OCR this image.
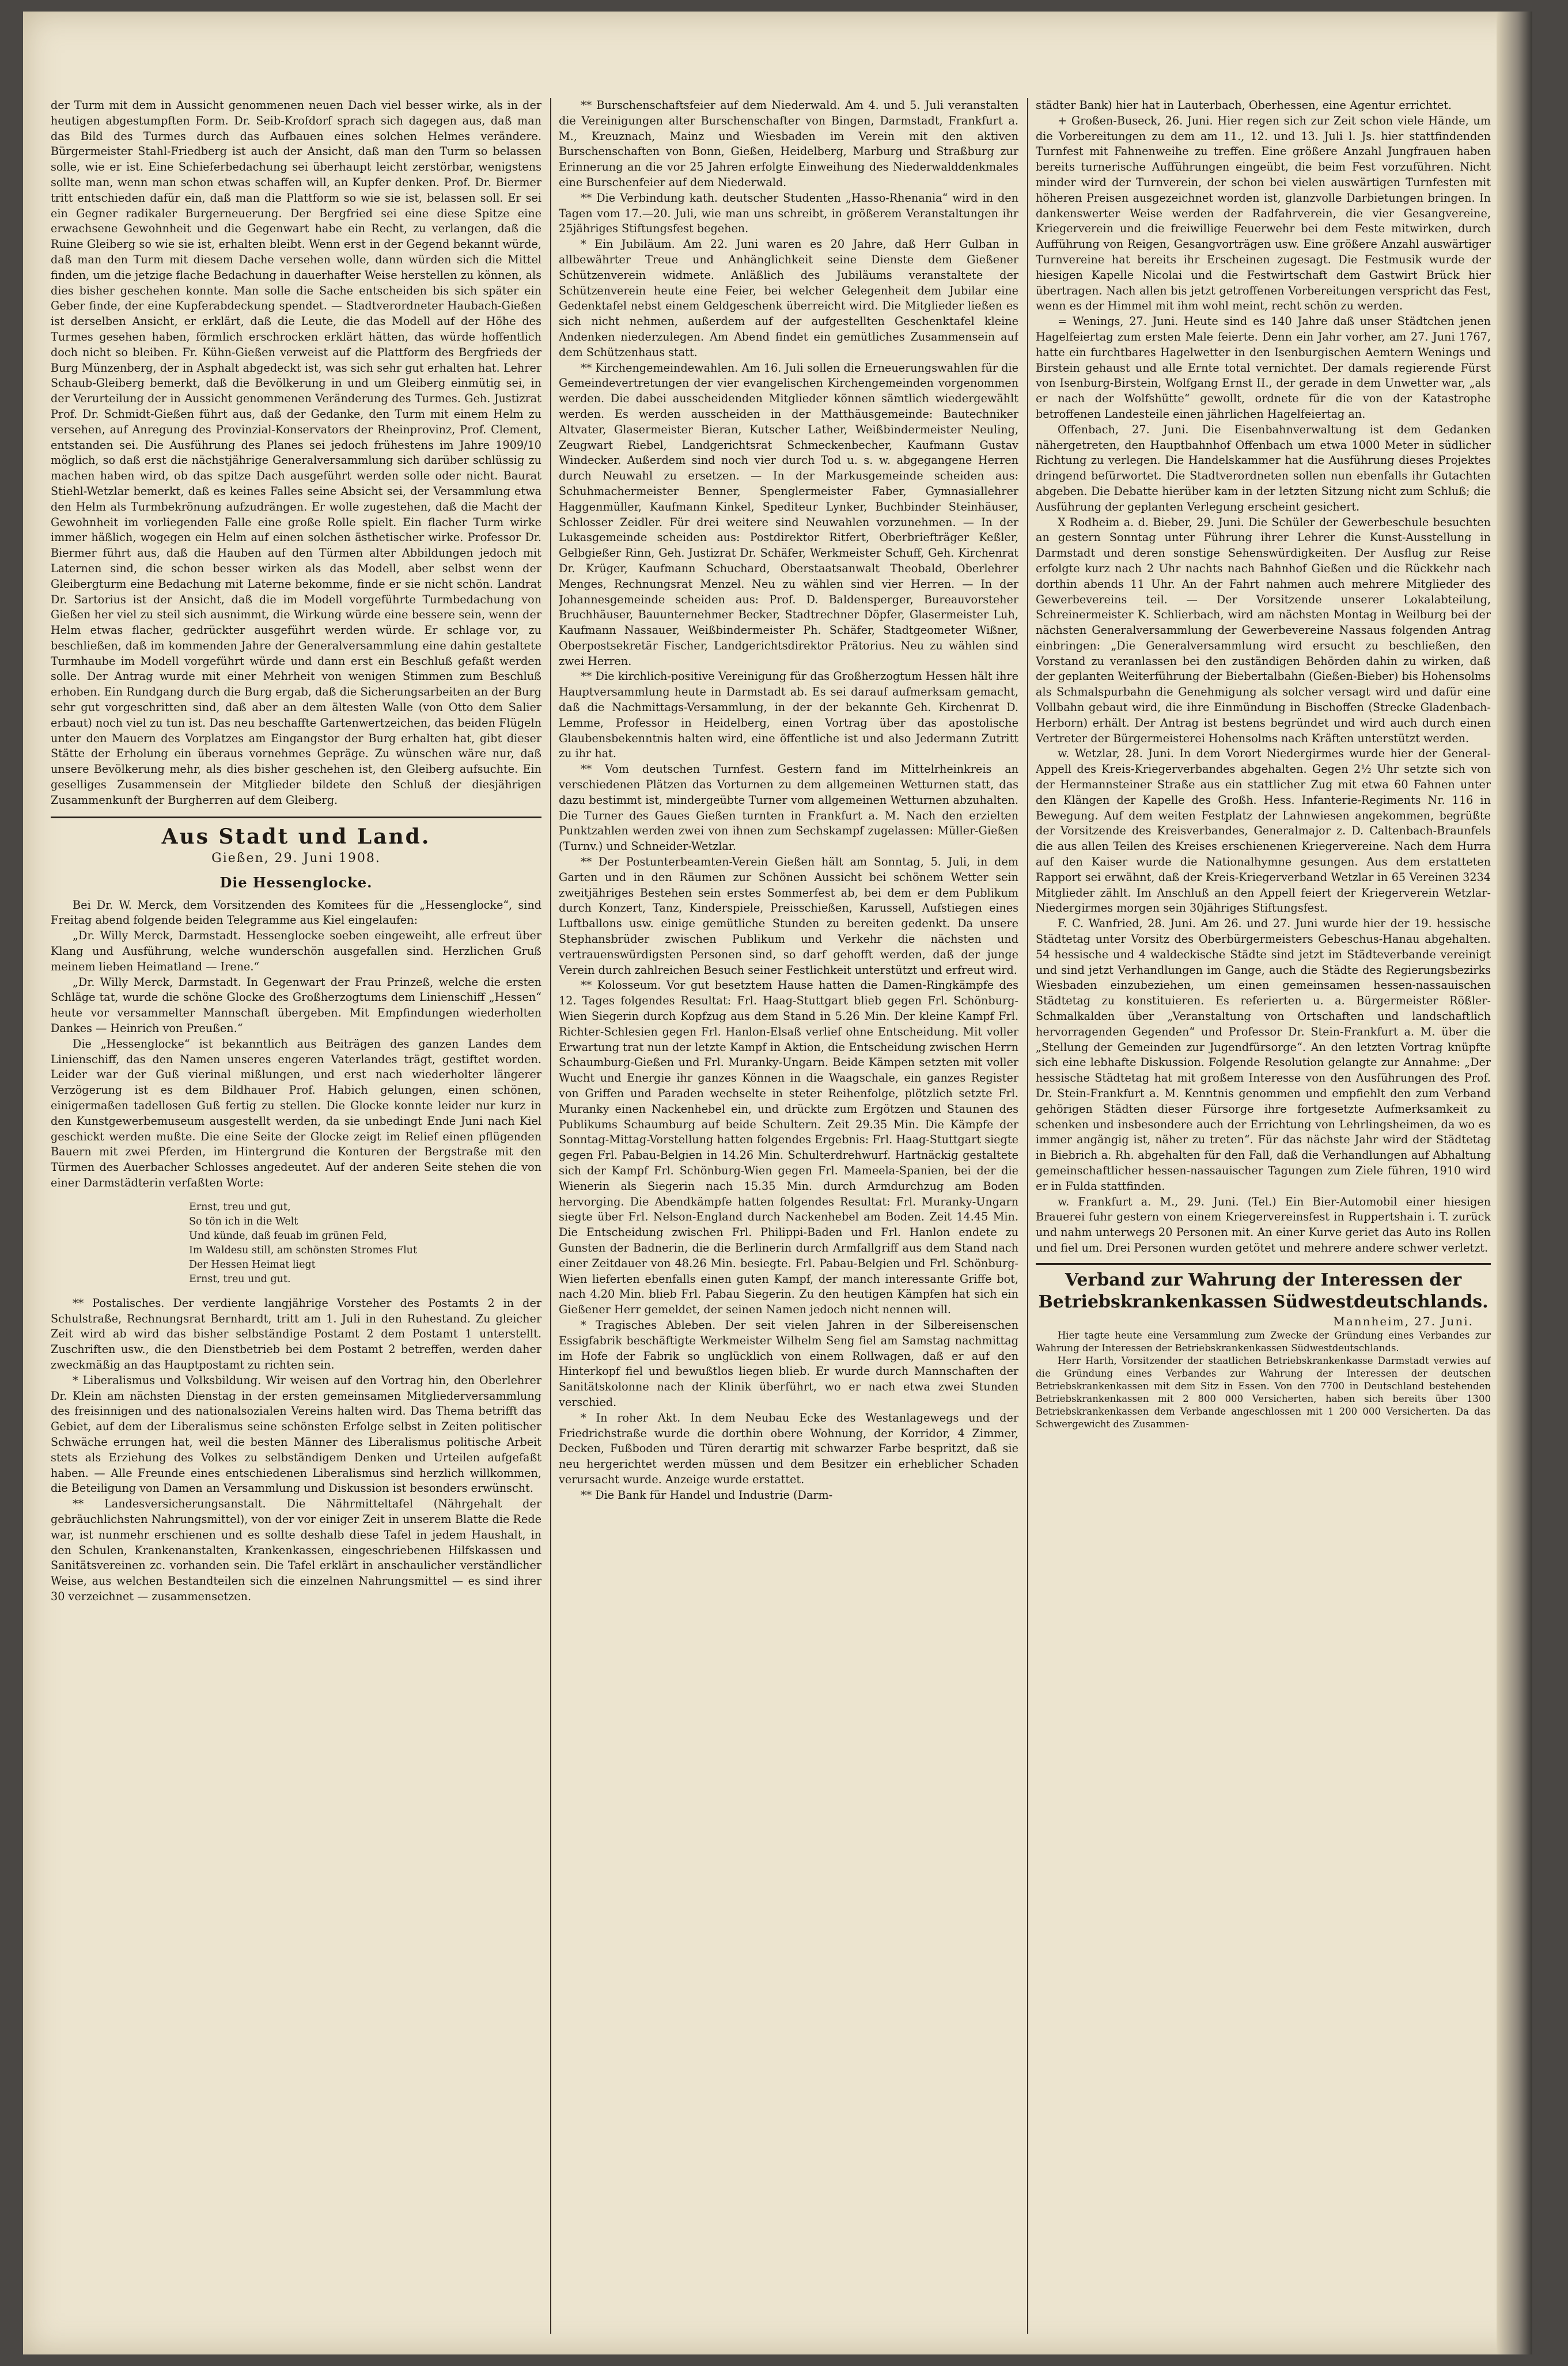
der Turm mit dem in Aussicht genommenen neuen Dach viel besser wirke, als in der heutigen abgestumpften Form. Dr. Seib-Krofdorf sprach sich dagegen aus, daß man das Bild des Turmes durch das Aufbauen eines solchen Helmes verändere. Bürgermeister Stahl-Friedberg ist auch der Ansicht, daß man den Turm so belassen solle, wie er ist. Eine Schieferbedachung sei überhaupt leicht zerstörbar, wenigstens sollte man, wenn man schon etwas schaffen will, an Kupfer denken. Prof. Dr. Biermer tritt entschieden dafür ein, daß man die Plattform so wie sie ist, belassen soll. Er sei ein Gegner radikaler Burgerneuerung. Der Bergfried sei eine diese Spitze eine erwachsene Gewohnheit und die Gegenwart habe ein Recht, zu verlangen, daß die Ruine Gleiberg so wie sie ist, erhalten bleibt. Wenn erst in der Gegend bekannt würde, daß man den Turm mit diesem Dache versehen wolle, dann würden sich die Mittel finden, um die jetzige flache Bedachung in dauerhafter Weise herstellen zu können, als dies bisher geschehen konnte. Man solle die Sache entscheiden bis sich später ein Geber finde, der eine Kupferabdeckung spendet. — Stadtverordneter Haubach-Gießen ist derselben Ansicht, er erklärt, daß die Leute, die das Modell auf der Höhe des Turmes gesehen haben, förmlich erschrocken erklärt hätten, das würde hoffentlich doch nicht so bleiben. Fr. Kühn-Gießen verweist auf die Plattform des Bergfrieds der Burg Münzenberg, der in Asphalt abgedeckt ist, was sich sehr gut erhalten hat. Lehrer Schaub-Gleiberg bemerkt, daß die Bevölkerung in und um Gleiberg einmütig sei, in der Verurteilung der in Aussicht genommenen Veränderung des Turmes. Geh. Justizrat Prof. Dr. Schmidt-Gießen führt aus, daß der Gedanke, den Turm mit einem Helm zu versehen, auf Anregung des Provinzial-Konservators der Rheinprovinz, Prof. Clement, entstanden sei. Die Ausführung des Planes sei jedoch frühestens im Jahre 1909/10 möglich, so daß erst die nächstjährige Generalversammlung sich darüber schlüssig zu machen haben wird, ob das spitze Dach ausgeführt werden solle oder nicht. Baurat Stiehl-Wetzlar bemerkt, daß es keines Falles seine Absicht sei, der Versammlung etwa den Helm als Turmbekrönung aufzudrängen. Er wolle zugestehen, daß die Macht der Gewohnheit im vorliegenden Falle eine große Rolle spielt. Ein flacher Turm wirke immer häßlich, wogegen ein Helm auf einen solchen ästhetischer wirke. Professor Dr. Biermer führt aus, daß die Hauben auf den Türmen alter Abbildungen jedoch mit Laternen sind, die schon besser wirken als das Modell, aber selbst wenn der Gleibergturm eine Bedachung mit Laterne bekomme, finde er sie nicht schön. Landrat Dr. Sartorius ist der Ansicht, daß die im Modell vorgeführte Turmbedachung von Gießen her viel zu steil sich ausnimmt, die Wirkung würde eine bessere sein, wenn der Helm etwas flacher, gedrückter ausgeführt werden würde. Er schlage vor, zu beschließen, daß im kommenden Jahre der Generalversammlung eine dahin gestaltete Turmhaube im Modell vorgeführt würde und dann erst ein Beschluß gefaßt werden solle. Der Antrag wurde mit einer Mehrheit von wenigen Stimmen zum Beschluß erhoben. Ein Rundgang durch die Burg ergab, daß die Sicherungsarbeiten an der Burg sehr gut vorgeschritten sind, daß aber an dem ältesten Walle (von Otto dem Salier erbaut) noch viel zu tun ist. Das neu beschaffte Gartenwertzeichen, das beiden Flügeln unter den Mauern des Vorplatzes am Eingangstor der Burg erhalten hat, gibt dieser Stätte der Erholung ein überaus vornehmes Gepräge. Zu wünschen wäre nur, daß unsere Bevölkerung mehr, als dies bisher geschehen ist, den Gleiberg aufsuchte. Ein geselliges Zusammensein der Mitglieder bildete den Schluß der diesjährigen Zusammenkunft der Burgherren auf dem Gleiberg.

Aus Stadt und Land.
Gießen, 29. Juni 1908.
Die Hessenglocke.

Bei Dr. W. Merck, dem Vorsitzenden des Komitees für die „Hessenglocke“, sind Freitag abend folgende beiden Telegramme aus Kiel eingelaufen:

„Dr. Willy Merck, Darmstadt. Hessenglocke soeben eingeweiht, alle erfreut über Klang und Ausführung, welche wunderschön ausgefallen sind. Herzlichen Gruß meinem lieben Heimatland — Irene.“

„Dr. Willy Merck, Darmstadt. In Gegenwart der Frau Prinzeß, welche die ersten Schläge tat, wurde die schöne Glocke des Großherzogtums dem Linienschiff „Hessen“ heute vor versammelter Mannschaft übergeben. Mit Empfindungen wiederholten Dankes — Heinrich von Preußen.“

Die „Hessenglocke“ ist bekanntlich aus Beiträgen des ganzen Landes dem Linienschiff, das den Namen unseres engeren Vaterlandes trägt, gestiftet worden. Leider war der Guß vierinal mißlungen, und erst nach wiederholter längerer Verzögerung ist es dem Bildhauer Prof. Habich gelungen, einen schönen, einigermaßen tadellosen Guß fertig zu stellen. Die Glocke konnte leider nur kurz in den Kunstgewerbemuseum ausgestellt werden, da sie unbedingt Ende Juni nach Kiel geschickt werden mußte. Die eine Seite der Glocke zeigt im Relief einen pflügenden Bauern mit zwei Pferden, im Hintergrund die Konturen der Bergstraße mit den Türmen des Auerbacher Schlosses angedeutet. Auf der anderen Seite stehen die von einer Darmstädterin verfaßten Worte:

Ernst, treu und gut,
So tön ich in die Welt
Und künde, daß feuab im grünen Feld,
Im Waldesu still, am schönsten Stromes Flut
Der Hessen Heimat liegt
Ernst, treu und gut.

** Postalisches. Der verdiente langjährige Vorsteher des Postamts 2 in der Schulstraße, Rechnungsrat Bernhardt, tritt am 1. Juli in den Ruhestand. Zu gleicher Zeit wird ab wird das bisher selbständige Postamt 2 dem Postamt 1 unterstellt. Zuschriften usw., die den Dienstbetrieb bei dem Postamt 2 betreffen, werden daher zweckmäßig an das Hauptpostamt zu richten sein.

* Liberalismus und Volksbildung. Wir weisen auf den Vortrag hin, den Oberlehrer Dr. Klein am nächsten Dienstag in der ersten gemeinsamen Mitgliederversammlung des freisinnigen und des nationalsozialen Vereins halten wird. Das Thema betrifft das Gebiet, auf dem der Liberalismus seine schönsten Erfolge selbst in Zeiten politischer Schwäche errungen hat, weil die besten Männer des Liberalismus politische Arbeit stets als Erziehung des Volkes zu selbständigem Denken und Urteilen aufgefaßt haben. — Alle Freunde eines entschiedenen Liberalismus sind herzlich willkommen, die Beteiligung von Damen an Versammlung und Diskussion ist besonders erwünscht.

** Landesversicherungsanstalt. Die Nährmitteltafel (Nährgehalt der gebräuchlichsten Nahrungsmittel), von der vor einiger Zeit in unserem Blatte die Rede war, ist nunmehr erschienen und es sollte deshalb diese Tafel in jedem Haushalt, in den Schulen, Krankenanstalten, Krankenkassen, eingeschriebenen Hilfskassen und Sanitätsvereinen zc. vorhanden sein. Die Tafel erklärt in anschaulicher verständlicher Weise, aus welchen Bestandteilen sich die einzelnen Nahrungsmittel — es sind ihrer 30 verzeichnet — zusammensetzen.

** Burschenschaftsfeier auf dem Niederwald. Am 4. und 5. Juli veranstalten die Vereinigungen alter Burschenschafter von Bingen, Darmstadt, Frankfurt a. M., Kreuznach, Mainz und Wiesbaden im Verein mit den aktiven Burschenschaften von Bonn, Gießen, Heidelberg, Marburg und Straßburg zur Erinnerung an die vor 25 Jahren erfolgte Einweihung des Niederwalddenkmales eine Burschenfeier auf dem Niederwald.

** Die Verbindung kath. deutscher Studenten „Hasso-Rhenania“ wird in den Tagen vom 17.—20. Juli, wie man uns schreibt, in größerem Veranstaltungen ihr 25jähriges Stiftungsfest begehen.

* Ein Jubiläum. Am 22. Juni waren es 20 Jahre, daß Herr Gulban in allbewährter Treue und Anhänglichkeit seine Dienste dem Gießener Schützenverein widmete. Anläßlich des Jubiläums veranstaltete der Schützenverein heute eine Feier, bei welcher Gelegenheit dem Jubilar eine Gedenktafel nebst einem Geldgeschenk überreicht wird. Die Mitglieder ließen es sich nicht nehmen, außerdem auf der aufgestellten Geschenktafel kleine Andenken niederzulegen. Am Abend findet ein gemütliches Zusammensein auf dem Schützenhaus statt.

** Kirchengemeindewahlen. Am 16. Juli sollen die Erneuerungswahlen für die Gemeindevertretungen der vier evangelischen Kirchengemeinden vorgenommen werden. Die dabei ausscheidenden Mitglieder können sämtlich wiedergewählt werden. Es werden ausscheiden in der Matthäusgemeinde: Bautechniker Altvater, Glasermeister Bieran, Kutscher Lather, Weißbindermeister Neuling, Zeugwart Riebel, Landgerichtsrat Schmeckenbecher, Kaufmann Gustav Windecker. Außerdem sind noch vier durch Tod u. s. w. abgegangene Herren durch Neuwahl zu ersetzen. — In der Markusgemeinde scheiden aus: Schuhmachermeister Benner, Spenglermeister Faber, Gymnasiallehrer Haggenmüller, Kaufmann Kinkel, Spediteur Lynker, Buchbinder Steinhäuser, Schlosser Zeidler. Für drei weitere sind Neuwahlen vorzunehmen. — In der Lukasgemeinde scheiden aus: Postdirektor Ritfert, Oberbriefträger Keßler, Gelbgießer Rinn, Geh. Justizrat Dr. Schäfer, Werkmeister Schuff, Geh. Kirchenrat Dr. Krüger, Kaufmann Schuchard, Oberstaatsanwalt Theobald, Oberlehrer Menges, Rechnungsrat Menzel. Neu zu wählen sind vier Herren. — In der Johannesgemeinde scheiden aus: Prof. D. Baldensperger, Bureauvorsteher Bruchhäuser, Bauunternehmer Becker, Stadtrechner Döpfer, Glasermeister Luh, Kaufmann Nassauer, Weißbindermeister Ph. Schäfer, Stadtgeometer Wißner, Oberpostsekretär Fischer, Landgerichtsdirektor Prätorius. Neu zu wählen sind zwei Herren.

** Die kirchlich-positive Vereinigung für das Großherzogtum Hessen hält ihre Hauptversammlung heute in Darmstadt ab. Es sei darauf aufmerksam gemacht, daß die Nachmittags-Versammlung, in der der bekannte Geh. Kirchenrat D. Lemme, Professor in Heidelberg, einen Vortrag über das apostolische Glaubensbekenntnis halten wird, eine öffentliche ist und also Jedermann Zutritt zu ihr hat.

** Vom deutschen Turnfest. Gestern fand im Mittelrheinkreis an verschiedenen Plätzen das Vorturnen zu dem allgemeinen Wetturnen statt, das dazu bestimmt ist, mindergeübte Turner vom allgemeinen Wetturnen abzuhalten. Die Turner des Gaues Gießen turnten in Frankfurt a. M. Nach den erzielten Punktzahlen werden zwei von ihnen zum Sechskampf zugelassen: Müller-Gießen (Turnv.) und Schneider-Wetzlar.

** Der Postunterbeamten-Verein Gießen hält am Sonntag, 5. Juli, in dem Garten und in den Räumen zur Schönen Aussicht bei schönem Wetter sein zweitjähriges Bestehen sein erstes Sommerfest ab, bei dem er dem Publikum durch Konzert, Tanz, Kinderspiele, Preisschießen, Karussell, Aufstiegen eines Luftballons usw. einige gemütliche Stunden zu bereiten gedenkt. Da unsere Stephansbrüder zwischen Publikum und Verkehr die nächsten und vertrauenswürdigsten Personen sind, so darf gehofft werden, daß der junge Verein durch zahlreichen Besuch seiner Festlichkeit unterstützt und erfreut wird.

** Kolosseum. Vor gut besetztem Hause hatten die Damen-Ringkämpfe des 12. Tages folgendes Resultat: Frl. Haag-Stuttgart blieb gegen Frl. Schönburg-Wien Siegerin durch Kopfzug aus dem Stand in 5.26 Min. Der kleine Kampf Frl. Richter-Schlesien gegen Frl. Hanlon-Elsaß verlief ohne Entscheidung. Mit voller Erwartung trat nun der letzte Kampf in Aktion, die Entscheidung zwischen Herrn Schaumburg-Gießen und Frl. Muranky-Ungarn. Beide Kämpen setzten mit voller Wucht und Energie ihr ganzes Können in die Waagschale, ein ganzes Register von Griffen und Paraden wechselte in steter Reihenfolge, plötzlich setzte Frl. Muranky einen Nackenhebel ein, und drückte zum Ergötzen und Staunen des Publikums Schaumburg auf beide Schultern. Zeit 29.35 Min. Die Kämpfe der Sonntag-Mittag-Vorstellung hatten folgendes Ergebnis: Frl. Haag-Stuttgart siegte gegen Frl. Pabau-Belgien in 14.26 Min. Schulterdrehwurf. Hartnäckig gestaltete sich der Kampf Frl. Schönburg-Wien gegen Frl. Mameela-Spanien, bei der die Wienerin als Siegerin nach 15.35 Min. durch Armdurchzug am Boden hervorging. Die Abendkämpfe hatten folgendes Resultat: Frl. Muranky-Ungarn siegte über Frl. Nelson-England durch Nackenhebel am Boden. Zeit 14.45 Min. Die Entscheidung zwischen Frl. Philippi-Baden und Frl. Hanlon endete zu Gunsten der Badnerin, die die Berlinerin durch Armfallgriff aus dem Stand nach einer Zeitdauer von 48.26 Min. besiegte. Frl. Pabau-Belgien und Frl. Schönburg-Wien lieferten ebenfalls einen guten Kampf, der manch interessante Griffe bot, nach 4.20 Min. blieb Frl. Pabau Siegerin. Zu den heutigen Kämpfen hat sich ein Gießener Herr gemeldet, der seinen Namen jedoch nicht nennen will.

* Tragisches Ableben. Der seit vielen Jahren in der Silbereisenschen Essigfabrik beschäftigte Werkmeister Wilhelm Seng fiel am Samstag nachmittag im Hofe der Fabrik so unglücklich von einem Rollwagen, daß er auf den Hinterkopf fiel und bewußtlos liegen blieb. Er wurde durch Mannschaften der Sanitätskolonne nach der Klinik überführt, wo er nach etwa zwei Stunden verschied.

* In roher Akt. In dem Neubau Ecke des Westanlagewegs und der Friedrichstraße wurde die dorthin obere Wohnung, der Korridor, 4 Zimmer, Decken, Fußboden und Türen derartig mit schwarzer Farbe bespritzt, daß sie neu hergerichtet werden müssen und dem Besitzer ein erheblicher Schaden verursacht wurde. Anzeige wurde erstattet.

** Die Bank für Handel und Industrie (Darm-

städter Bank) hier hat in Lauterbach, Oberhessen, eine Agentur errichtet.

+ Großen-Buseck, 26. Juni. Hier regen sich zur Zeit schon viele Hände, um die Vorbereitungen zu dem am 11., 12. und 13. Juli l. Js. hier stattfindenden Turnfest mit Fahnenweihe zu treffen. Eine größere Anzahl Jungfrauen haben bereits turnerische Aufführungen eingeübt, die beim Fest vorzuführen. Nicht minder wird der Turnverein, der schon bei vielen auswärtigen Turnfesten mit höheren Preisen ausgezeichnet worden ist, glanzvolle Darbietungen bringen. In dankenswerter Weise werden der Radfahrverein, die vier Gesangvereine, Kriegerverein und die freiwillige Feuerwehr bei dem Feste mitwirken, durch Aufführung von Reigen, Gesangvorträgen usw. Eine größere Anzahl auswärtiger Turnvereine hat bereits ihr Erscheinen zugesagt. Die Festmusik wurde der hiesigen Kapelle Nicolai und die Festwirtschaft dem Gastwirt Brück hier übertragen. Nach allen bis jetzt getroffenen Vorbereitungen verspricht das Fest, wenn es der Himmel mit ihm wohl meint, recht schön zu werden.

= Wenings, 27. Juni. Heute sind es 140 Jahre daß unser Städtchen jenen Hagelfeiertag zum ersten Male feierte. Denn ein Jahr vorher, am 27. Juni 1767, hatte ein furchtbares Hagelwetter in den Isenburgischen Aemtern Wenings und Birstein gehaust und alle Ernte total vernichtet. Der damals regierende Fürst von Isenburg-Birstein, Wolfgang Ernst II., der gerade in dem Unwetter war, „als er nach der Wolfshütte“ gewollt, ordnete für die von der Katastrophe betroffenen Landesteile einen jährlichen Hagelfeiertag an.

Offenbach, 27. Juni. Die Eisenbahnverwaltung ist dem Gedanken nähergetreten, den Hauptbahnhof Offenbach um etwa 1000 Meter in südlicher Richtung zu verlegen. Die Handelskammer hat die Ausführung dieses Projektes dringend befürwortet. Die Stadtverordneten sollen nun ebenfalls ihr Gutachten abgeben. Die Debatte hierüber kam in der letzten Sitzung nicht zum Schluß; die Ausführung der geplanten Verlegung erscheint gesichert.

X Rodheim a. d. Bieber, 29. Juni. Die Schüler der Gewerbeschule besuchten an gestern Sonntag unter Führung ihrer Lehrer die Kunst-Ausstellung in Darmstadt und deren sonstige Sehenswürdigkeiten. Der Ausflug zur Reise erfolgte kurz nach 2 Uhr nachts nach Bahnhof Gießen und die Rückkehr nach dorthin abends 11 Uhr. An der Fahrt nahmen auch mehrere Mitglieder des Gewerbevereins teil. — Der Vorsitzende unserer Lokalabteilung, Schreinermeister K. Schlierbach, wird am nächsten Montag in Weilburg bei der nächsten Generalversammlung der Gewerbevereine Nassaus folgenden Antrag einbringen: „Die Generalversammlung wird ersucht zu beschließen, den Vorstand zu veranlassen bei den zuständigen Behörden dahin zu wirken, daß der geplanten Weiterführung der Biebertalbahn (Gießen-Bieber) bis Hohensolms als Schmalspurbahn die Genehmigung als solcher versagt wird und dafür eine Vollbahn gebaut wird, die ihre Einmündung in Bischoffen (Strecke Gladenbach-Herborn) erhält. Der Antrag ist bestens begründet und wird auch durch einen Vertreter der Bürgermeisterei Hohensolms nach Kräften unterstützt werden.

w. Wetzlar, 28. Juni. In dem Vorort Niedergirmes wurde hier der General-Appell des Kreis-Kriegerverbandes abgehalten. Gegen 2½ Uhr setzte sich von der Hermannsteiner Straße aus ein stattlicher Zug mit etwa 60 Fahnen unter den Klängen der Kapelle des Großh. Hess. Infanterie-Regiments Nr. 116 in Bewegung. Auf dem weiten Festplatz der Lahnwiesen angekommen, begrüßte der Vorsitzende des Kreisverbandes, Generalmajor z. D. Caltenbach-Braunfels die aus allen Teilen des Kreises erschienenen Kriegervereine. Nach dem Hurra auf den Kaiser wurde die Nationalhymne gesungen. Aus dem erstatteten Rapport sei erwähnt, daß der Kreis-Kriegerverband Wetzlar in 65 Vereinen 3234 Mitglieder zählt. Im Anschluß an den Appell feiert der Kriegerverein Wetzlar-Niedergirmes morgen sein 30jähriges Stiftungsfest.

F. C. Wanfried, 28. Juni. Am 26. und 27. Juni wurde hier der 19. hessische Städtetag unter Vorsitz des Oberbürgermeisters Gebeschus-Hanau abgehalten. 54 hessische und 4 waldeckische Städte sind jetzt im Städteverbande vereinigt und sind jetzt Verhandlungen im Gange, auch die Städte des Regierungsbezirks Wiesbaden einzubeziehen, um einen gemeinsamen hessen-nassauischen Städtetag zu konstituieren. Es referierten u. a. Bürgermeister Rößler-Schmalkalden über „Veranstaltung von Ortschaften und landschaftlich hervorragenden Gegenden“ und Professor Dr. Stein-Frankfurt a. M. über die „Stellung der Gemeinden zur Jugendfürsorge“. An den letzten Vortrag knüpfte sich eine lebhafte Diskussion. Folgende Resolution gelangte zur Annahme: „Der hessische Städtetag hat mit großem Interesse von den Ausführungen des Prof. Dr. Stein-Frankfurt a. M. Kenntnis genommen und empfiehlt den zum Verband gehörigen Städten dieser Fürsorge ihre fortgesetzte Aufmerksamkeit zu schenken und insbesondere auch der Errichtung von Lehrlingsheimen, da wo es immer angängig ist, näher zu treten“. Für das nächste Jahr wird der Städtetag in Biebrich a. Rh. abgehalten für den Fall, daß die Verhandlungen auf Abhaltung gemeinschaftlicher hessen-nassauischer Tagungen zum Ziele führen, 1910 wird er in Fulda stattfinden.

w. Frankfurt a. M., 29. Juni. (Tel.) Ein Bier-Automobil einer hiesigen Brauerei fuhr gestern von einem Kriegervereinsfest in Ruppertshain i. T. zurück und nahm unterwegs 20 Personen mit. An einer Kurve geriet das Auto ins Rollen und fiel um. Drei Personen wurden getötet und mehrere andere schwer verletzt.

Verband zur Wahrung der Interessen der Betriebskrankenkassen Südwestdeutschlands.
Mannheim, 27. Juni.

Hier tagte heute eine Versammlung zum Zwecke der Gründung eines Verbandes zur Wahrung der Interessen der Betriebskrankenkassen Südwestdeutschlands.

Herr Harth, Vorsitzender der staatlichen Betriebskrankenkasse Darmstadt verwies auf die Gründung eines Verbandes zur Wahrung der Interessen der deutschen Betriebskrankenkassen mit dem Sitz in Essen. Von den 7700 in Deutschland bestehenden Betriebskrankenkassen mit 2 800 000 Versicherten, haben sich bereits über 1300 Betriebskrankenkassen dem Verbande angeschlossen mit 1 200 000 Versicherten. Da das Schwergewicht des Zusammen-
